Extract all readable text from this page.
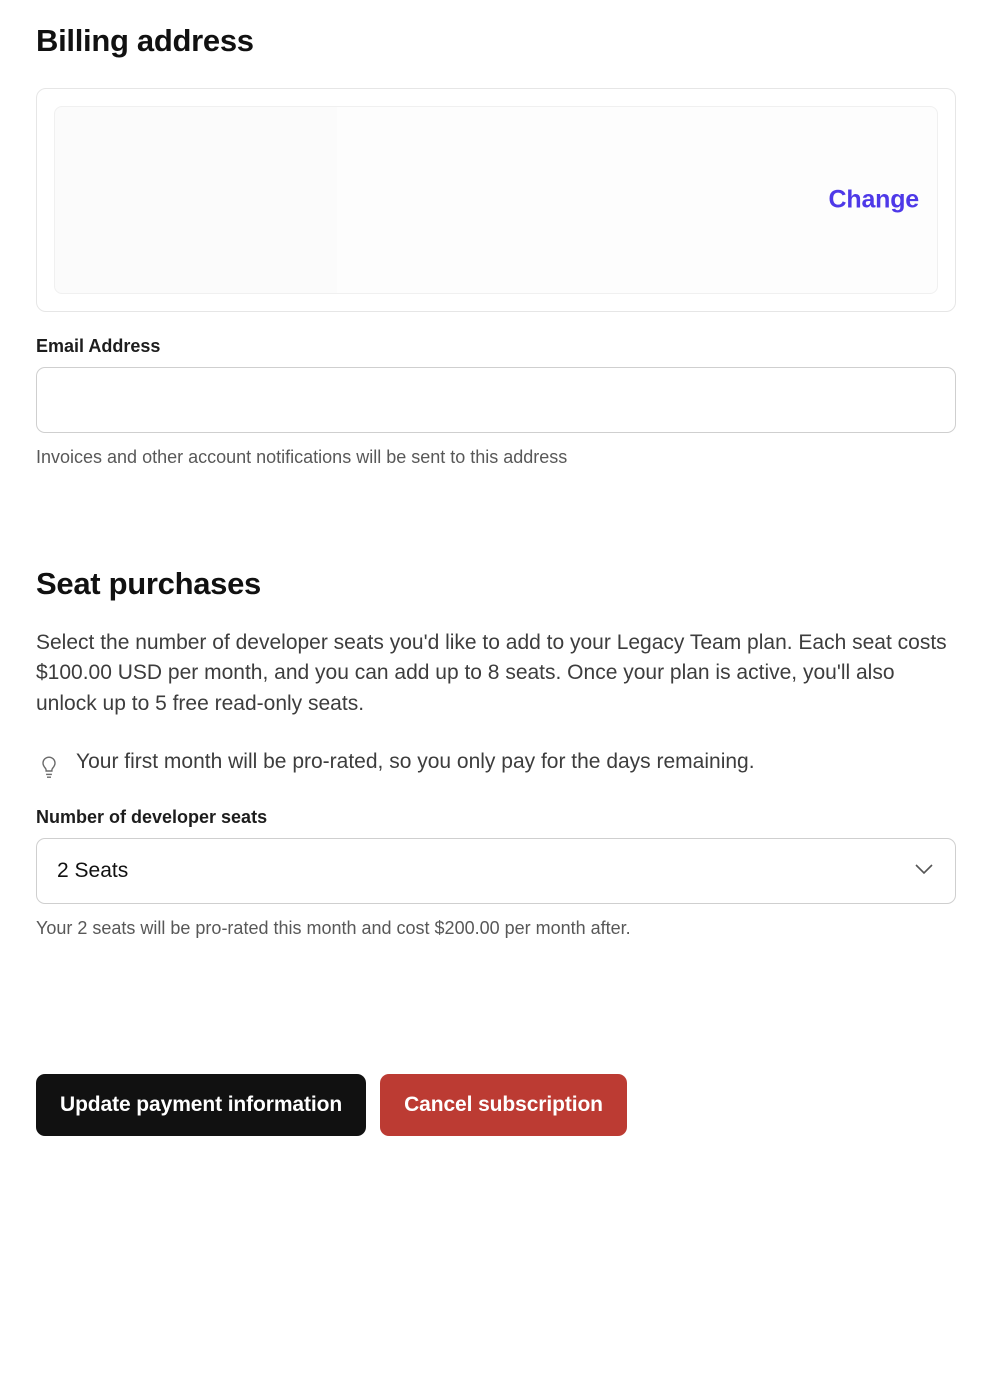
Billing address
Change
Email Address

Invoices and other account notifications will be sent to this address

Seat purchases

Select the number of developer seats you'd like to add to your Legacy Team plan. Each seat costs $100.00 USD per month, and you can add up to 8 seats. Once your plan is active, you'll also unlock up to 5 free read-only seats.

Your first month will be pro-rated, so you only pay for the days remaining.
Number of developer seats
2 Seats

Your 2 seats will be pro-rated this month and cost $200.00 per month after.

Update payment information	Cancel subscription
